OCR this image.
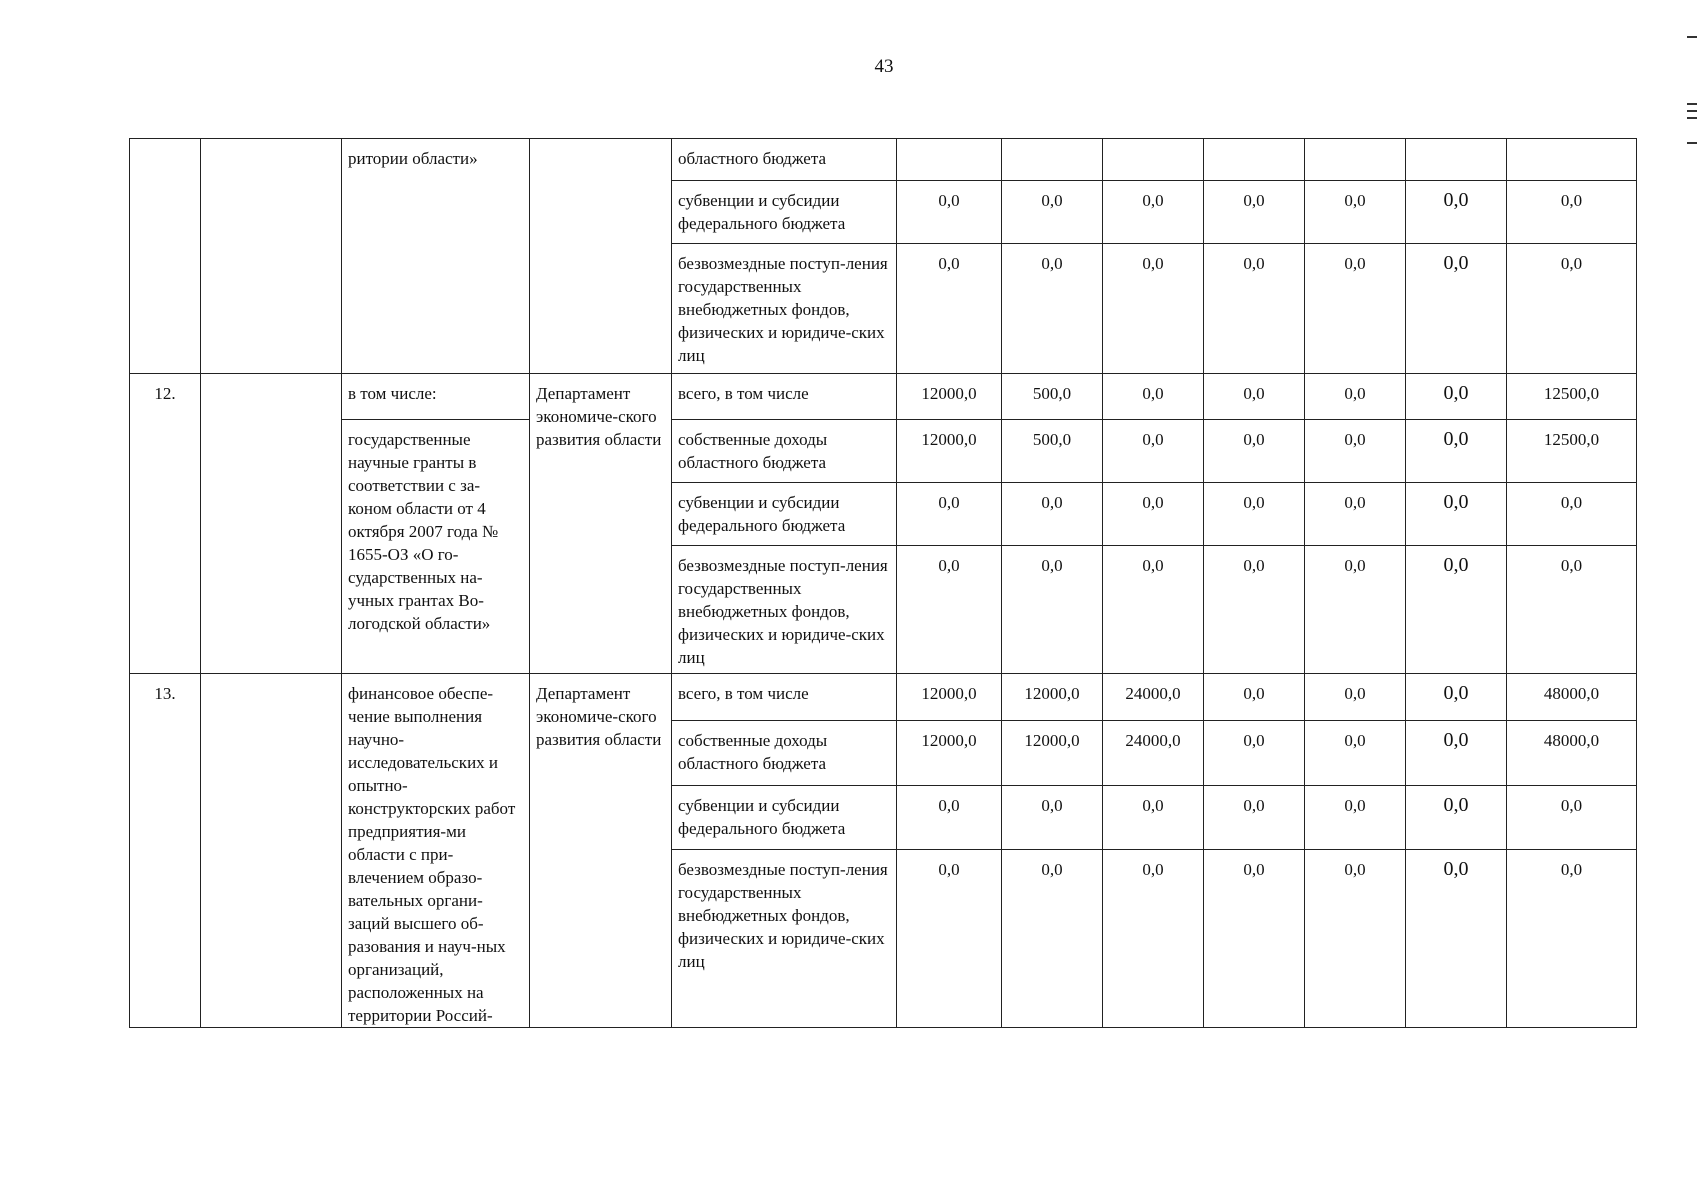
43
		ритории области»		областного бюджета							
				субвенции и субсидии федерального бюджета	0,0	0,0	0,0	0,0	0,0	0,0	0,0
				безвозмездные поступ-ления государственных внебюджетных фондов, физических и юридиче-ских лиц	0,0	0,0	0,0	0,0	0,0	0,0	0,0
12.		в том числе:	Департамент экономиче-ского развития области	всего, в том числе	12000,0	500,0	0,0	0,0	0,0	0,0	12500,0
		государственные научные гранты в соответствии с за-коном области от 4 октября 2007 года № 1655-ОЗ «О го-сударственных на-учных грантах Во-логодской области»		собственные доходы областного бюджета	12000,0	500,0	0,0	0,0	0,0	0,0	12500,0
				субвенции и субсидии федерального бюджета	0,0	0,0	0,0	0,0	0,0	0,0	0,0
				безвозмездные поступ-ления государственных внебюджетных фондов, физических и юридиче-ских лиц	0,0	0,0	0,0	0,0	0,0	0,0	0,0
13.		финансовое обеспе-чение выполнения научно-исследовательских и опытно-конструкторских работ предприятия-ми области с при-влечением образо-вательных органи-заций высшего об-разования и науч-ных организаций, расположенных на территории Россий-	Департамент экономиче-ского развития области	всего, в том числе	12000,0	12000,0	24000,0	0,0	0,0	0,0	48000,0
				собственные доходы областного бюджета	12000,0	12000,0	24000,0	0,0	0,0	0,0	48000,0
				субвенции и субсидии федерального бюджета	0,0	0,0	0,0	0,0	0,0	0,0	0,0
				безвозмездные поступ-ления государственных внебюджетных фондов, физических и юридиче-ских лиц	0,0	0,0	0,0	0,0	0,0	0,0	0,0
